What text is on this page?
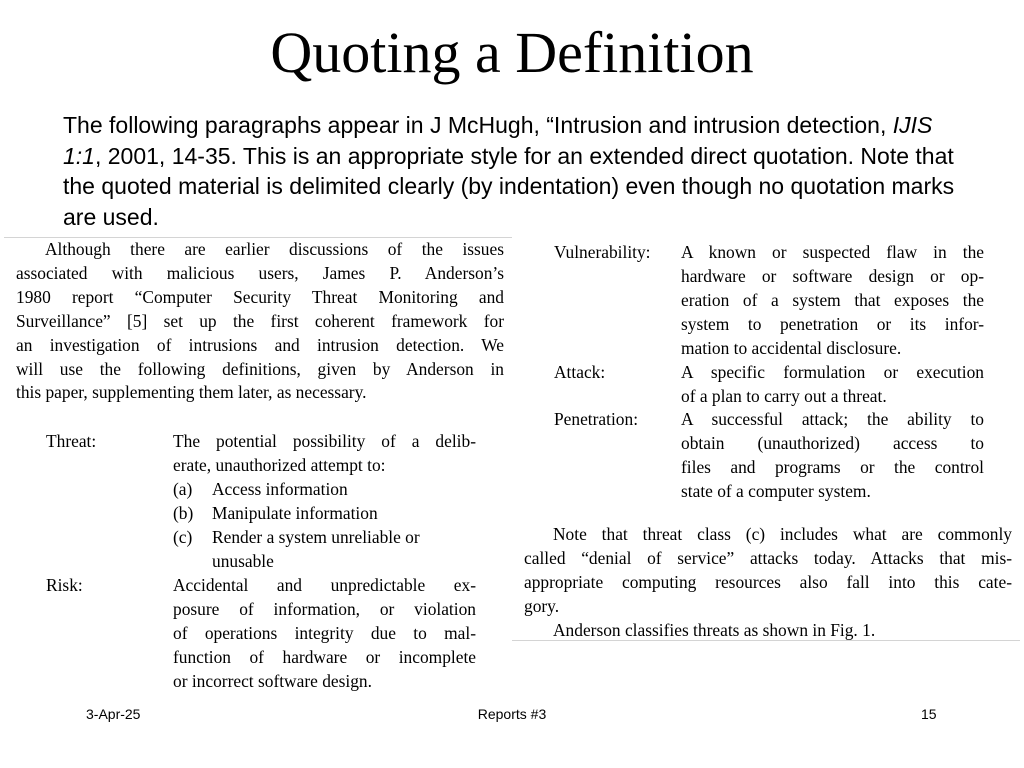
Quoting a Definition

The following paragraphs appear in J McHugh, “Intrusion and intrusion detection, IJIS 1:1, 2001, 14-35. This is an appropriate style for an extended direct quotation. Note that the quoted material is delimited clearly (by indentation) even though no quotation marks are used.

Although there are earlier discussions of the issues
associated with malicious users, James P. Anderson’s
1980 report “Computer Security Threat Monitoring and
Surveillance” [5] set up the first coherent framework for
an investigation of intrusions and intrusion detection. We
will use the following definitions, given by Anderson in
this paper, supplementing them later, as necessary.
Threat:	The potential possibility of a delib-
erate, unauthorized attempt to:
(a) Access information
(b) Manipulate information
(c) Render a system unreliable or
unusable
Risk:	Accidental and unpredictable ex-
posure of information, or violation
of operations integrity due to mal-
function of hardware or incomplete
or incorrect software design.
Vulnerability: A known or suspected flaw in the
hardware or software design or op-
eration of a system that exposes the
system to penetration or its infor-
mation to accidental disclosure.
Attack:	A specific formulation or execution
of a plan to carry out a threat.
Penetration: A successful attack; the ability to
obtain (unauthorized) access to
files and programs or the control
state of a computer system.
Note that threat class (c) includes what are commonly
called “denial of service” attacks today. Attacks that mis-
appropriate computing resources also fall into this cate-
gory.
Anderson classifies threats as shown in Fig. 1.

3-Apr-25	Reports #3	15
